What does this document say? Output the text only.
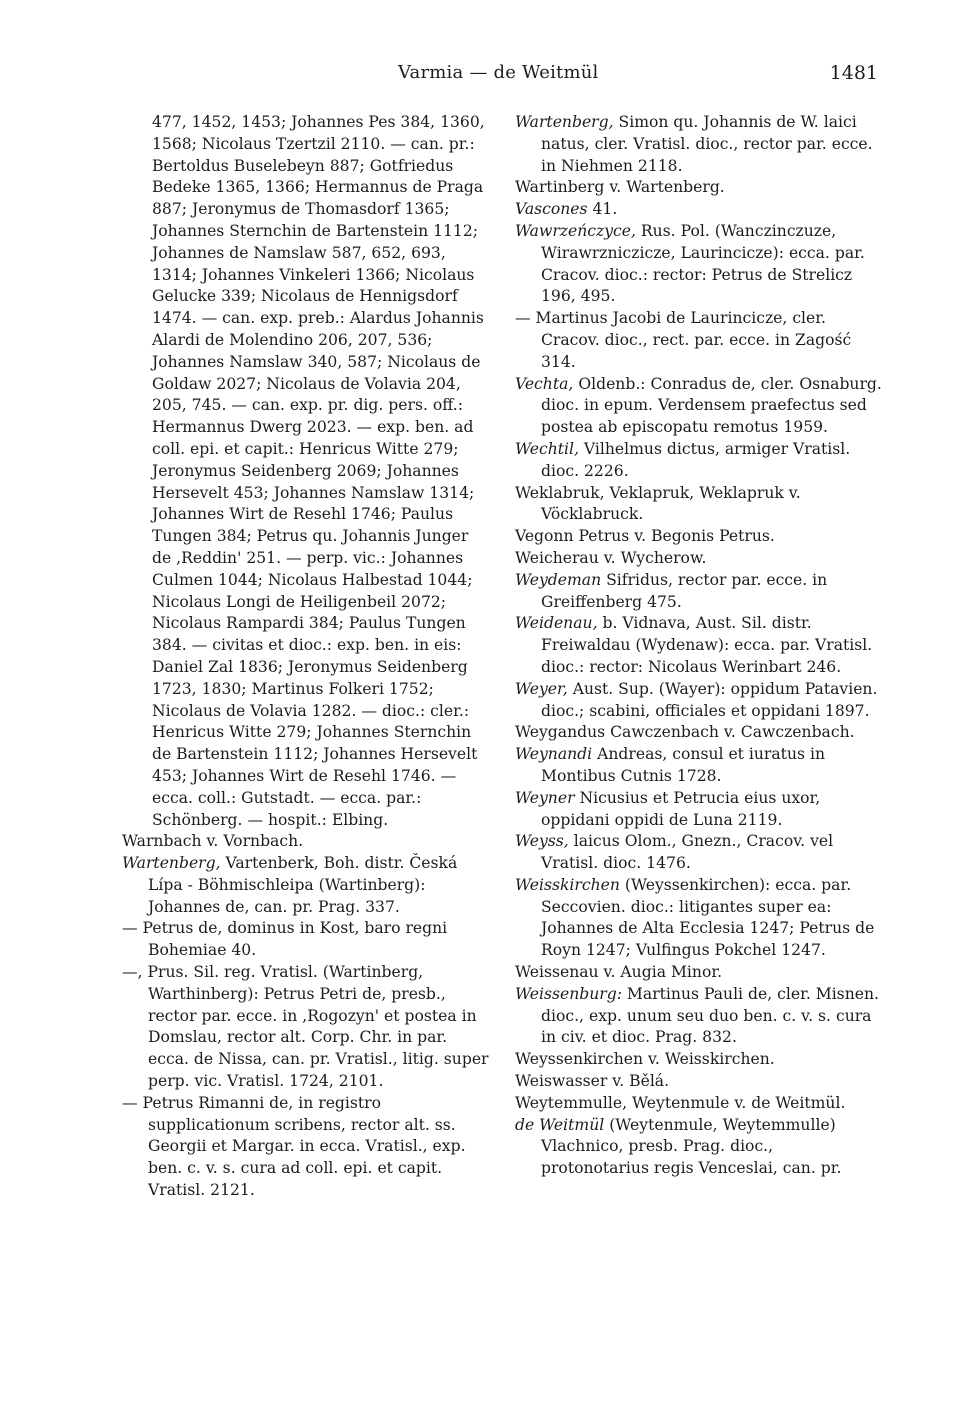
Varmia — de Weitmül	1481

477, 1452, 1453; Johannes Pes 384, 1360, 1568; Nicolaus Tzertzil 2110. — can. pr.: Bertoldus Buselebeyn 887; Gotfriedus Bedeke 1365, 1366; Hermannus de Praga 887; Jeronymus de Thomasdorf 1365; Johannes Sternchin de Bartenstein 1112; Johannes de Namslaw 587, 652, 693, 1314; Johannes Vinkeleri 1366; Nicolaus Gelucke 339; Nicolaus de Hennigsdorf 1474. — can. exp. preb.: Alardus Johannis Alardi de Molendino 206, 207, 536; Johannes Namslaw 340, 587; Nicolaus de Goldaw 2027; Nicolaus de Volavia 204, 205, 745. — can. exp. pr. dig. pers. off.: Hermannus Dwerg 2023. — exp. ben. ad coll. epi. et capit.: Henricus Witte 279; Jeronymus Seidenberg 2069; Johannes Hersevelt 453; Johannes Namslaw 1314; Johannes Wirt de Resehl 1746; Paulus Tungen 384; Petrus qu. Johannis Junger de ,Reddin' 251. — perp. vic.: Johannes Culmen 1044; Nicolaus Halbestad 1044; Nicolaus Longi de Heiligenbeil 2072; Nicolaus Rampardi 384; Paulus Tungen 384. — civitas et dioc.: exp. ben. in eis: Daniel Zal 1836; Jeronymus Seidenberg 1723, 1830; Martinus Folkeri 1752; Nicolaus de Volavia 1282. — dioc.: cler.: Henricus Witte 279; Johannes Sternchin de Bartenstein 1112; Johannes Hersevelt 453; Johannes Wirt de Resehl 1746. — ecca. coll.: Gutstadt. — ecca. par.: Schönberg. — hospit.: Elbing.

Warnbach v. Vornbach.

Wartenberg, Vartenberk, Boh. distr. Česká Lípa - Böhmischleipa (Wartinberg): Johannes de, can. pr. Prag. 337.

— Petrus de, dominus in Kost, baro regni Bohemiae 40.

—, Prus. Sil. reg. Vratisl. (Wartinberg, Warthinberg): Petrus Petri de, presb., rector par. ecce. in ,Rogozyn' et postea in Domslau, rector alt. Corp. Chr. in par. ecca. de Nissa, can. pr. Vratisl., litig. super perp. vic. Vratisl. 1724, 2101.

— Petrus Rimanni de, in registro supplicationum scribens, rector alt. ss. Georgii et Margar. in ecca. Vratisl., exp. ben. c. v. s. cura ad coll. epi. et capit. Vratisl. 2121.

Wartenberg, Simon qu. Johannis de W. laici natus, cler. Vratisl. dioc., rector par. ecce. in Niehmen 2118.

Wartinberg v. Wartenberg.

Vascones 41.

Wawrzeńczyce, Rus. Pol. (Wanczinczuze, Wirawrzniczicze, Laurincicze): ecca. par. Cracov. dioc.: rector: Petrus de Strelicz 196, 495.

— Martinus Jacobi de Laurincicze, cler. Cracov. dioc., rect. par. ecce. in Zagość 314.

Vechta, Oldenb.: Conradus de, cler. Osnaburg. dioc. in epum. Verdensem praefectus sed postea ab episcopatu remotus 1959.

Wechtil, Vilhelmus dictus, armiger Vratisl. dioc. 2226.

Weklabruk, Veklapruk, Weklapruk v. Vöcklabruck.

Vegonn Petrus v. Begonis Petrus.

Weicherau v. Wycherow.

Weydeman Sifridus, rector par. ecce. in Greiffenberg 475.

Weidenau, b. Vidnava, Aust. Sil. distr. Freiwaldau (Wydenaw): ecca. par. Vratisl. dioc.: rector: Nicolaus Werinbart 246.

Weyer, Aust. Sup. (Wayer): oppidum Patavien. dioc.; scabini, officiales et oppidani 1897.

Weygandus Cawczenbach v. Cawczenbach.

Weynandi Andreas, consul et iuratus in Montibus Cutnis 1728.

Weyner Nicusius et Petrucia eius uxor, oppidani oppidi de Luna 2119.

Weyss, laicus Olom., Gnezn., Cracov. vel Vratisl. dioc. 1476.

Weisskirchen (Weyssenkirchen): ecca. par. Seccovien. dioc.: litigantes super ea: Johannes de Alta Ecclesia 1247; Petrus de Royn 1247; Vulfingus Pokchel 1247.

Weissenau v. Augia Minor.

Weissenburg: Martinus Pauli de, cler. Misnen. dioc., exp. unum seu duo ben. c. v. s. cura in civ. et dioc. Prag. 832.

Weyssenkirchen v. Weisskirchen.

Weiswasser v. Bělá.

Weytemmulle, Weytenmule v. de Weitmül.

de Weitmül (Weytenmule, Weytemmulle) Vlachnico, presb. Prag. dioc., protonotarius regis Venceslai, can. pr.
